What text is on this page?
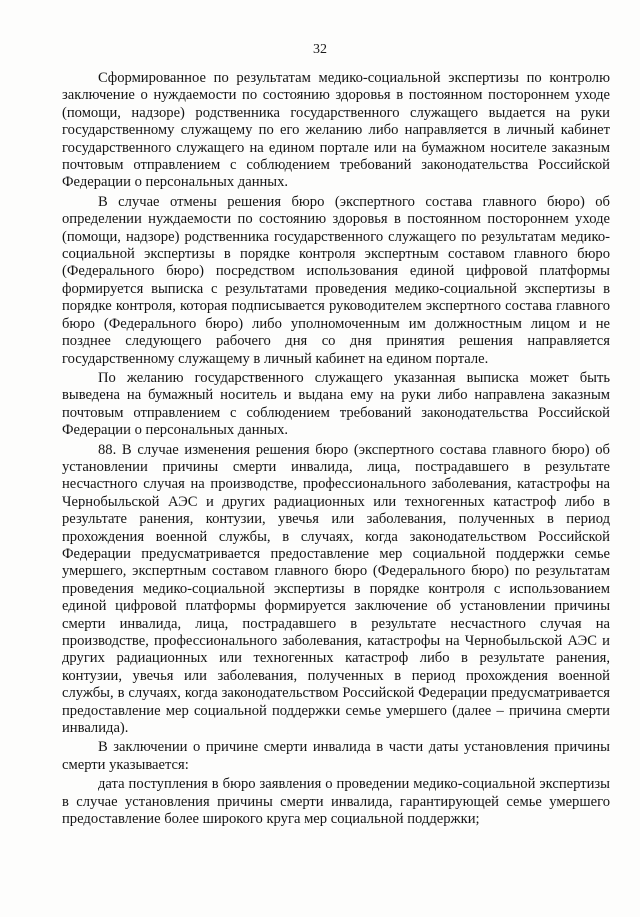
32

Сформированное по результатам медико-социальной экспертизы по контролю заключение о нуждаемости по состоянию здоровья в постоянном постороннем уходе (помощи, надзоре) родственника государственного служащего выдается на руки государственному служащему по его желанию либо направляется в личный кабинет государственного служащего на едином портале или на бумажном носителе заказным почтовым отправлением с соблюдением требований законодательства Российской Федерации о персональных данных.

В случае отмены решения бюро (экспертного состава главного бюро) об определении нуждаемости по состоянию здоровья в постоянном постороннем уходе (помощи, надзоре) родственника государственного служащего по результатам медико-социальной экспертизы в порядке контроля экспертным составом главного бюро (Федерального бюро) посредством использования единой цифровой платформы формируется выписка с результатами проведения медико-социальной экспертизы в порядке контроля, которая подписывается руководителем экспертного состава главного бюро (Федерального бюро) либо уполномоченным им должностным лицом и не позднее следующего рабочего дня со дня принятия решения направляется государственному служащему в личный кабинет на едином портале.

По желанию государственного служащего указанная выписка может быть выведена на бумажный носитель и выдана ему на руки либо направлена заказным почтовым отправлением с соблюдением требований законодательства Российской Федерации о персональных данных.

88. В случае изменения решения бюро (экспертного состава главного бюро) об установлении причины смерти инвалида, лица, пострадавшего в результате несчастного случая на производстве, профессионального заболевания, катастрофы на Чернобыльской АЭС и других радиационных или техногенных катастроф либо в результате ранения, контузии, увечья или заболевания, полученных в период прохождения военной службы, в случаях, когда законодательством Российской Федерации предусматривается предоставление мер социальной поддержки семье умершего, экспертным составом главного бюро (Федерального бюро) по результатам проведения медико-социальной экспертизы в порядке контроля с использованием единой цифровой платформы формируется заключение об установлении причины смерти инвалида, лица, пострадавшего в результате несчастного случая на производстве, профессионального заболевания, катастрофы на Чернобыльской АЭС и других радиационных или техногенных катастроф либо в результате ранения, контузии, увечья или заболевания, полученных в период прохождения военной службы, в случаях, когда законодательством Российской Федерации предусматривается предоставление мер социальной поддержки семье умершего (далее – причина смерти инвалида).

В заключении о причине смерти инвалида в части даты установления причины смерти указывается:

дата поступления в бюро заявления о проведении медико-социальной экспертизы в случае установления причины смерти инвалида, гарантирующей семье умершего предоставление более широкого круга мер социальной поддержки;
